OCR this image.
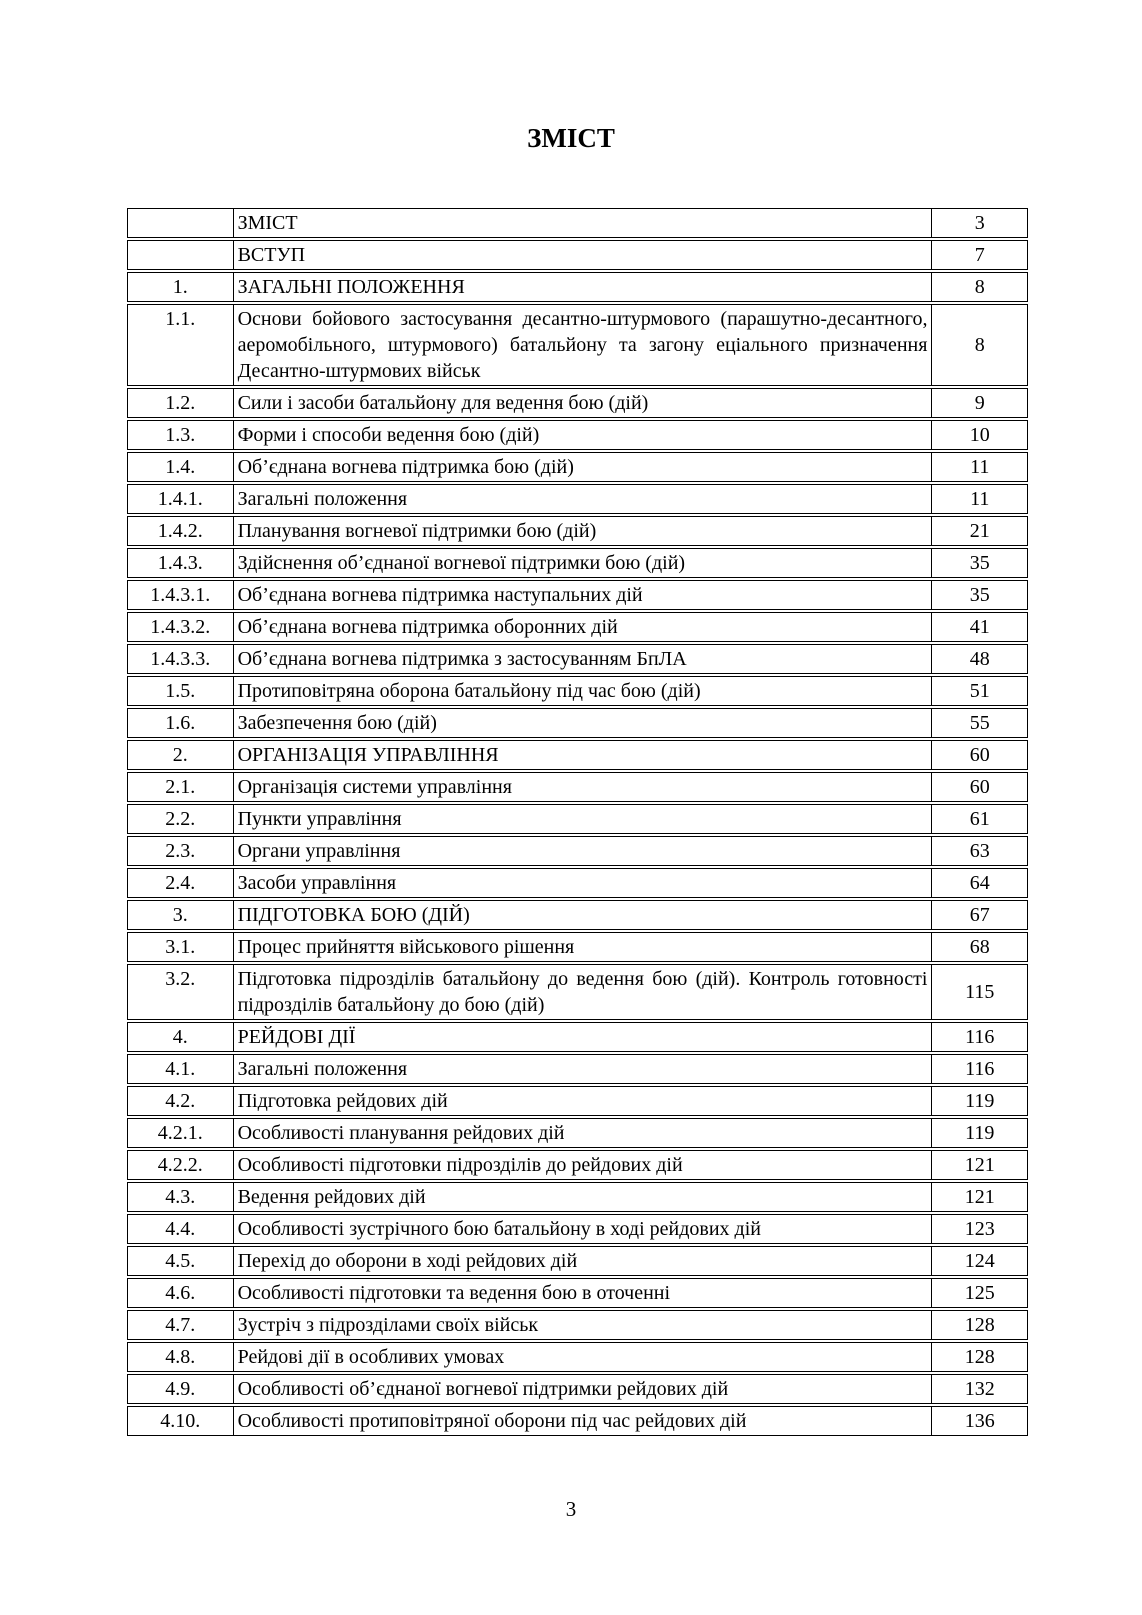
ЗМІСТ
	ЗМІСТ	3
	ВСТУП	7
1.	ЗАГАЛЬНІ ПОЛОЖЕННЯ	8
1.1.	Основи бойового застосування десантно-штурмового (парашутно-десантного, аеромобільного, штурмового) батальйону та загону еціального призначення Десантно-штурмових військ	8
1.2.	Сили і засоби батальйону для ведення бою (дій)	9
1.3.	Форми і способи ведення бою (дій)	10
1.4.	Об’єднана вогнева підтримка бою (дій)	11
1.4.1.	Загальні положення	11
1.4.2.	Планування вогневої підтримки бою (дій)	21
1.4.3.	Здійснення об’єднаної вогневої підтримки бою (дій)	35
1.4.3.1.	Об’єднана вогнева підтримка наступальних дій	35
1.4.3.2.	Об’єднана вогнева підтримка оборонних дій	41
1.4.3.3.	Об’єднана вогнева підтримка з застосуванням БпЛА	48
1.5.	Протиповітряна оборона батальйону під час бою (дій)	51
1.6.	Забезпечення бою (дій)	55
2.	ОРГАНІЗАЦІЯ УПРАВЛІННЯ	60
2.1.	Організація системи управління	60
2.2.	Пункти управління	61
2.3.	Органи управління	63
2.4.	Засоби управління	64
3.	ПІДГОТОВКА БОЮ (ДІЙ)	67
3.1.	Процес прийняття військового рішення	68
3.2.	Підготовка підрозділів батальйону до ведення бою (дій). Контроль готовності підрозділів батальйону до бою (дій)	115
4.	РЕЙДОВІ ДІЇ	116
4.1.	Загальні положення	116
4.2.	Підготовка рейдових дій	119
4.2.1.	Особливості планування рейдових дій	119
4.2.2.	Особливості підготовки підрозділів до рейдових дій	121
4.3.	Ведення рейдових дій	121
4.4.	Особливості зустрічного бою батальйону в ході рейдових дій	123
4.5.	Перехід до оборони в ході рейдових дій	124
4.6.	Особливості підготовки та ведення бою в оточенні	125
4.7.	Зустріч з підрозділами своїх військ	128
4.8.	Рейдові дії в особливих умовах	128
4.9.	Особливості об’єднаної вогневої підтримки рейдових дій	132
4.10.	Особливості протиповітряної оборони під час рейдових дій	136
3
